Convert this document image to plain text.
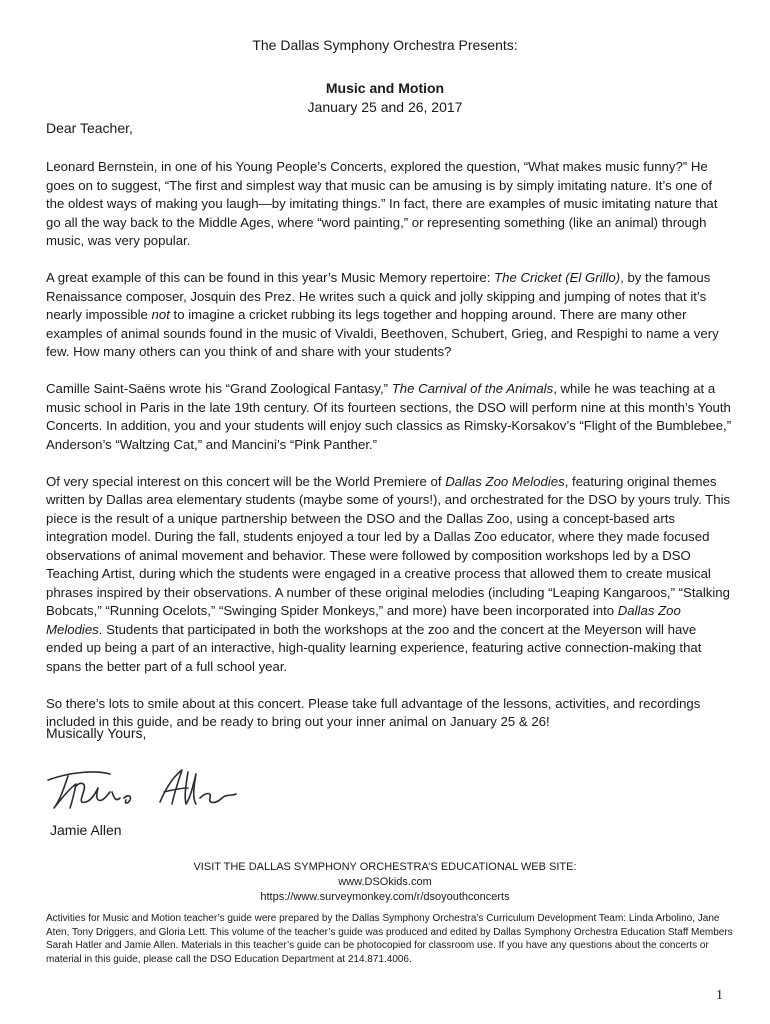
The Dallas Symphony Orchestra Presents:
Music and Motion
January 25 and 26, 2017
Dear Teacher,

Leonard Bernstein, in one of his Young People’s Concerts, explored the question, “What makes music funny?” He goes on to suggest, “The first and simplest way that music can be amusing is by simply imitating nature. It’s one of the oldest ways of making you laugh—by imitating things.” In fact, there are examples of music imitating nature that go all the way back to the Middle Ages, where “word painting,” or representing something (like an animal) through music, was very popular.

A great example of this can be found in this year’s Music Memory repertoire: The Cricket (El Grillo), by the famous Renaissance composer, Josquin des Prez. He writes such a quick and jolly skipping and jumping of notes that it’s nearly impossible not to imagine a cricket rubbing its legs together and hopping around. There are many other examples of animal sounds found in the music of Vivaldi, Beethoven, Schubert, Grieg, and Respighi to name a very few. How many others can you think of and share with your students?

Camille Saint-Saëns wrote his “Grand Zoological Fantasy,” The Carnival of the Animals, while he was teaching at a music school in Paris in the late 19th century. Of its fourteen sections, the DSO will perform nine at this month’s Youth Concerts. In addition, you and your students will enjoy such classics as Rimsky-Korsakov’s “Flight of the Bumblebee,” Anderson’s “Waltzing Cat,” and Mancini’s “Pink Panther.”

Of very special interest on this concert will be the World Premiere of Dallas Zoo Melodies, featuring original themes written by Dallas area elementary students (maybe some of yours!), and orchestrated for the DSO by yours truly. This piece is the result of a unique partnership between the DSO and the Dallas Zoo, using a concept-based arts integration model. During the fall, students enjoyed a tour led by a Dallas Zoo educator, where they made focused observations of animal movement and behavior. These were followed by composition workshops led by a DSO Teaching Artist, during which the students were engaged in a creative process that allowed them to create musical phrases inspired by their observations. A number of these original melodies (including “Leaping Kangaroos,” “Stalking Bobcats,” “Running Ocelots,” “Swinging Spider Monkeys,” and more) have been incorporated into Dallas Zoo Melodies. Students that participated in both the workshops at the zoo and the concert at the Meyerson will have ended up being a part of an interactive, high-quality learning experience, featuring active connection-making that spans the better part of a full school year.

So there’s lots to smile about at this concert. Please take full advantage of the lessons, activities, and recordings included in this guide, and be ready to bring out your inner animal on January 25 & 26!

Musically Yours,
Jamie Allen
VISIT THE DALLAS SYMPHONY ORCHESTRA’S EDUCATIONAL WEB SITE:
www.DSOkids.com
https://www.surveymonkey.com/r/dsoyouthconcerts
Activities for Music and Motion teacher’s guide were prepared by the Dallas Symphony Orchestra’s Curriculum Development Team: Linda Arbolino, Jane Aten, Tony Driggers, and Gloria Lett. This volume of the teacher’s guide was produced and edited by Dallas Symphony Orchestra Education Staff Members Sarah Hatler and Jamie Allen. Materials in this teacher’s guide can be photocopied for classroom use. If you have any questions about the concerts or material in this guide, please call the DSO Education Department at 214.871.4006.
1
